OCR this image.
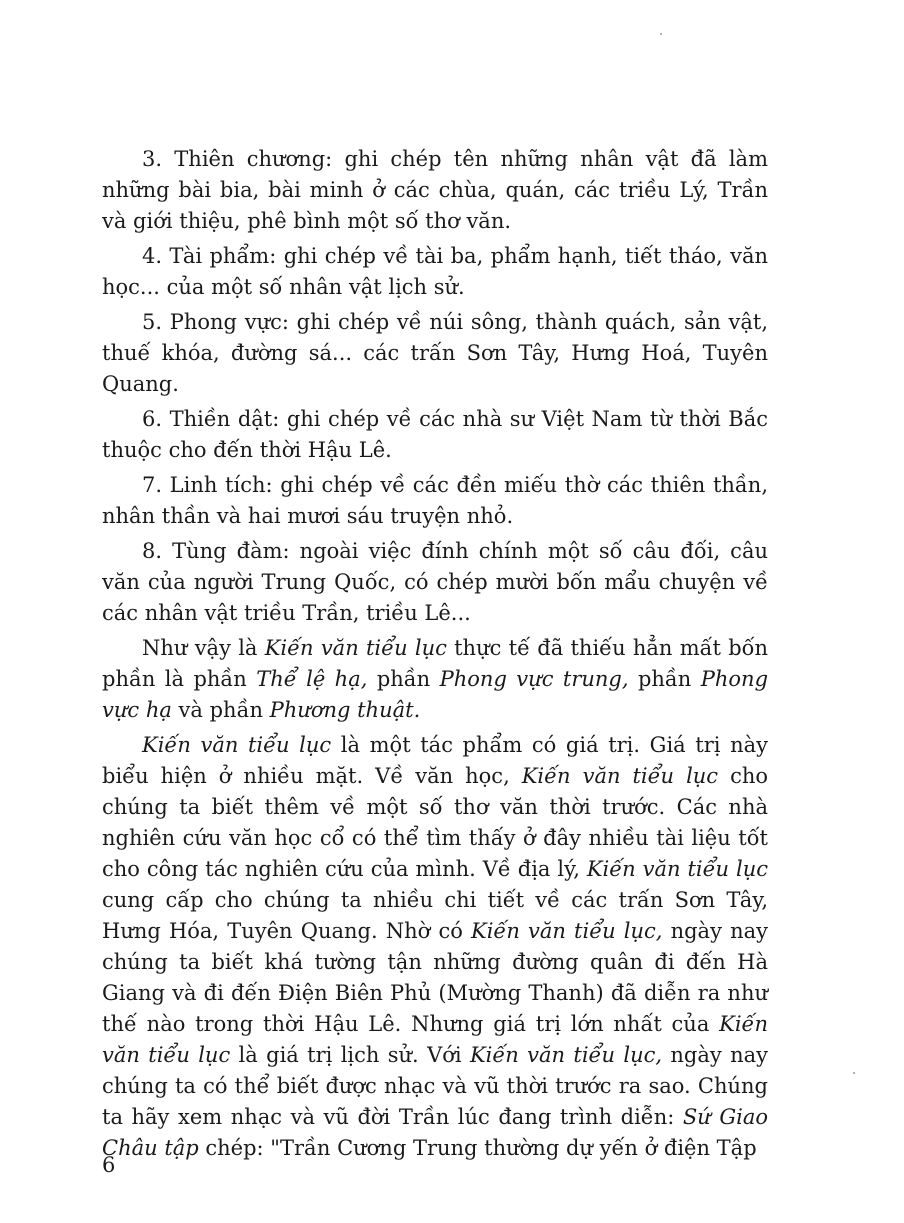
3. Thiên chương: ghi chép tên những nhân vật đã làm những bài bia, bài minh ở các chùa, quán, các triều Lý, Trần và giới thiệu, phê bình một số thơ văn.

4. Tài phẩm: ghi chép về tài ba, phẩm hạnh, tiết tháo, văn học... của một số nhân vật lịch sử.

5. Phong vực: ghi chép về núi sông, thành quách, sản vật, thuế khóa, đường sá... các trấn Sơn Tây, Hưng Hoá, Tuyên Quang.

6. Thiền dật: ghi chép về các nhà sư Việt Nam từ thời Bắc thuộc cho đến thời Hậu Lê.

7. Linh tích: ghi chép về các đền miếu thờ các thiên thần, nhân thần và hai mươi sáu truyện nhỏ.

8. Tùng đàm: ngoài việc đính chính một số câu đối, câu văn của người Trung Quốc, có chép mười bốn mẩu chuyện về các nhân vật triều Trần, triều Lê...

Như vậy là Kiến văn tiểu lục thực tế đã thiếu hẳn mất bốn phần là phần Thể lệ hạ, phần Phong vực trung, phần Phong vực hạ và phần Phương thuật.

Kiến văn tiểu lục là một tác phẩm có giá trị. Giá trị này biểu hiện ở nhiều mặt. Về văn học, Kiến văn tiểu lục cho chúng ta biết thêm về một số thơ văn thời trước. Các nhà nghiên cứu văn học cổ có thể tìm thấy ở đây nhiều tài liệu tốt cho công tác nghiên cứu của mình. Về địa lý, Kiến văn tiểu lục cung cấp cho chúng ta nhiều chi tiết về các trấn Sơn Tây, Hưng Hóa, Tuyên Quang. Nhờ có Kiến văn tiểu lục, ngày nay chúng ta biết khá tường tận những đường quân đi đến Hà Giang và đi đến Điện Biên Phủ (Mường Thanh) đã diễn ra như thế nào trong thời Hậu Lê. Nhưng giá trị lớn nhất của Kiến văn tiểu lục là giá trị lịch sử. Với Kiến văn tiểu lục, ngày nay chúng ta có thể biết được nhạc và vũ thời trước ra sao. Chúng ta hãy xem nhạc và vũ đời Trần lúc đang trình diễn: Sứ Giao Châu tập chép: "Trần Cương Trung thường dự yến ở điện Tập

6
